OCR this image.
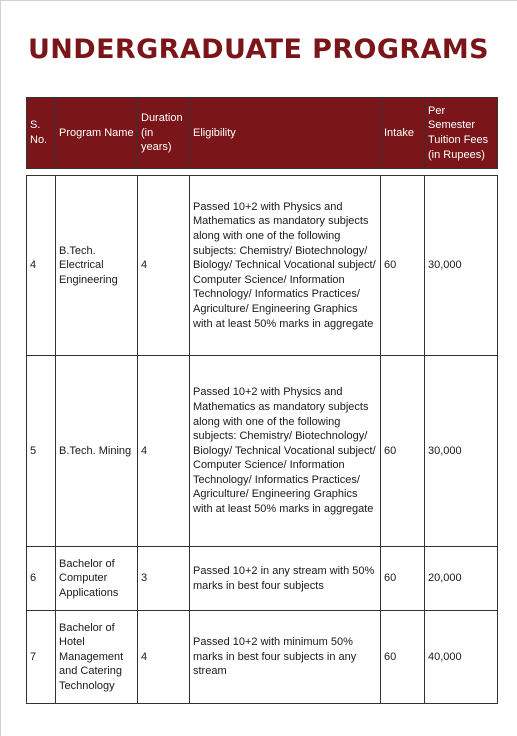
UNDERGRADUATE PROGRAMS
S. No.	Program Name	Duration (in years)	Eligibility	Intake	Per Semester Tuition Fees (in Rupees)

4	B.Tech. Electrical Engineering	4	Passed 10+2 with Physics and Mathematics as mandatory subjects along with one of the following subjects: Chemistry/ Biotechnology/ Biology/ Technical Vocational subject/ Computer Science/ Information Technology/ Informatics Practices/ Agriculture/ Engineering Graphics with at least 50% marks in aggregate	60	30,000
5	B.Tech. Mining	4	Passed 10+2 with Physics and Mathematics as mandatory subjects along with one of the following subjects: Chemistry/ Biotechnology/ Biology/ Technical Vocational subject/ Computer Science/ Information Technology/ Informatics Practices/ Agriculture/ Engineering Graphics with at least 50% marks in aggregate	60	30,000
6	Bachelor of Computer Applications	3	Passed 10+2 in any stream with 50% marks in best four subjects	60	20,000
7	Bachelor of Hotel Management and Catering Technology	4	Passed 10+2 with minimum 50% marks in best four subjects in any stream	60	40,000
